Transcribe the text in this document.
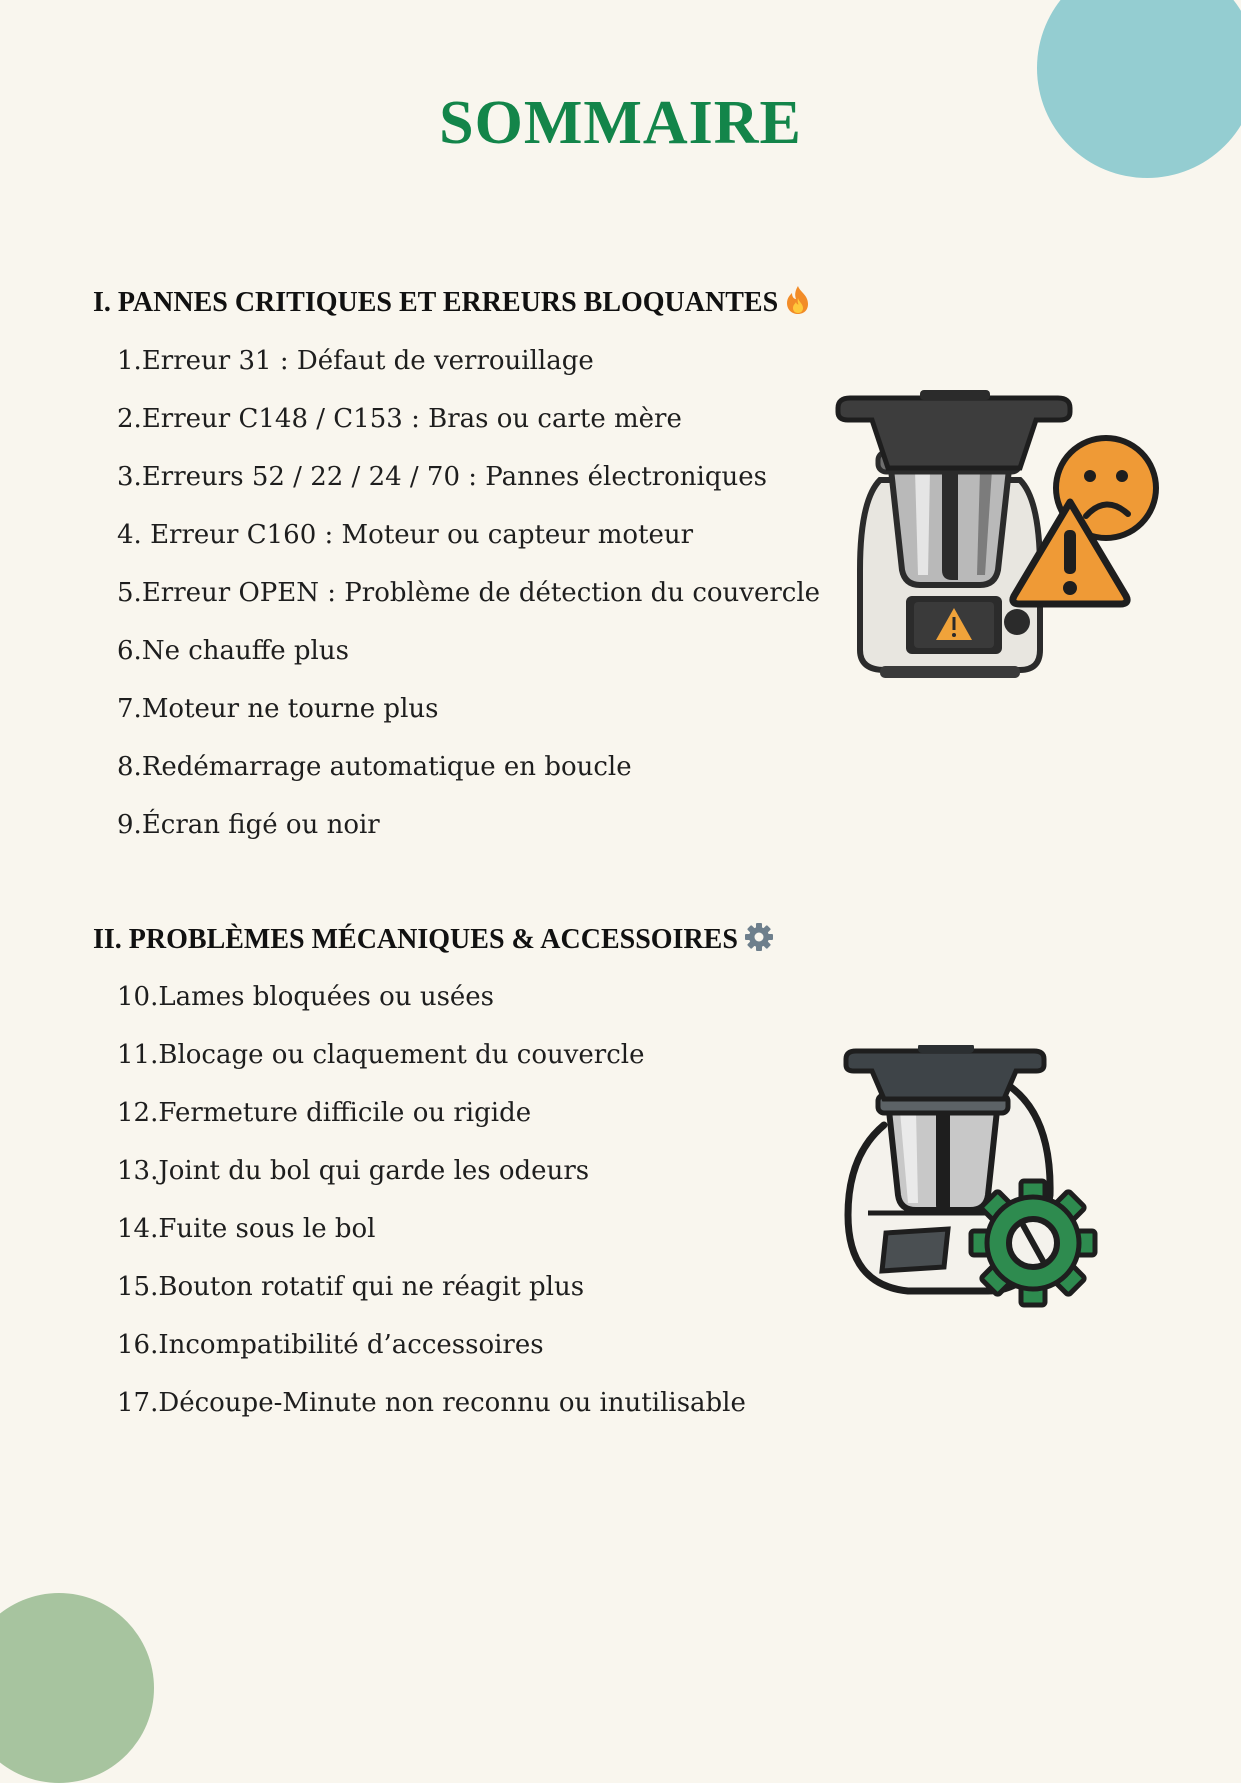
SOMMAIRE
I. PANNES CRITIQUES ET ERREURS BLOQUANTES
1.Erreur 31 : Défaut de verrouillage
2.Erreur C148 / C153 : Bras ou carte mère
3.Erreurs 52 / 22 / 24 / 70 : Pannes électroniques
4. Erreur C160 : Moteur ou capteur moteur
5.Erreur OPEN : Problème de détection du couvercle
6.Ne chauffe plus
7.Moteur ne tourne plus
8.Redémarrage automatique en boucle
9.Écran figé ou noir
II. PROBLÈMES MÉCANIQUES & ACCESSOIRES
10.Lames bloquées ou usées
11.Blocage ou claquement du couvercle
12.Fermeture difficile ou rigide
13.Joint du bol qui garde les odeurs
14.Fuite sous le bol
15.Bouton rotatif qui ne réagit plus
16.Incompatibilité d’accessoires
17.Découpe-Minute non reconnu ou inutilisable
